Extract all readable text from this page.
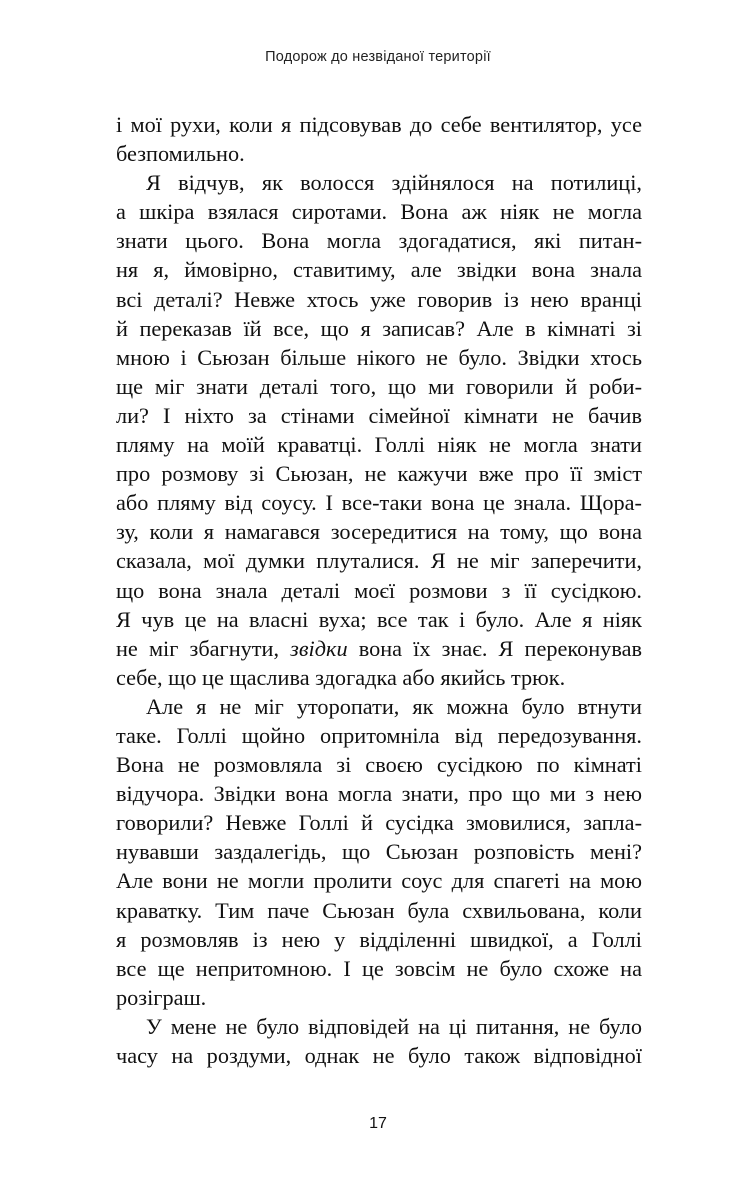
Подорож до незвіданої території
і мої рухи, коли я підсовував до себе вентилятор, усе
безпомильно.
Я відчув, як волосся здійнялося на потилиці,
а шкіра взялася сиротами. Вона аж ніяк не могла
знати цього. Вона могла здогадатися, які питан-
ня я, ймовірно, ставитиму, але звідки вона знала
всі деталі? Невже хтось уже говорив із нею вранці
й переказав їй все, що я записав? Але в кімнаті зі
мною і Сьюзан більше нікого не було. Звідки хтось
ще міг знати деталі того, що ми говорили й роби-
ли? І ніхто за стінами сімейної кімнати не бачив
пляму на моїй краватці. Голлі ніяк не могла знати
про розмову зі Сьюзан, не кажучи вже про її зміст
або пляму від соусу. І все-таки вона це знала. Щора-
зу, коли я намагався зосередитися на тому, що вона
сказала, мої думки плуталися. Я не міг заперечити,
що вона знала деталі моєї розмови з її сусідкою.
Я чув це на власні вуха; все так і було. Але я ніяк
не міг збагнути, звідки вона їх знає. Я переконував
себе, що це щаслива здогадка або якийсь трюк.
Але я не міг уторопати, як можна було втнути
таке. Голлі щойно опритомніла від передозування.
Вона не розмовляла зі своєю сусідкою по кімнаті
відучора. Звідки вона могла знати, про що ми з нею
говорили? Невже Голлі й сусідка змовилися, запла-
нувавши заздалегідь, що Сьюзан розповість мені?
Але вони не могли пролити соус для спагеті на мою
краватку. Тим паче Сьюзан була схвильована, коли
я розмовляв із нею у відділенні швидкої, а Голлі
все ще непритомною. І це зовсім не було схоже на
розіграш.
У мене не було відповідей на ці питання, не було
часу на роздуми, однак не було також відповідної
17
